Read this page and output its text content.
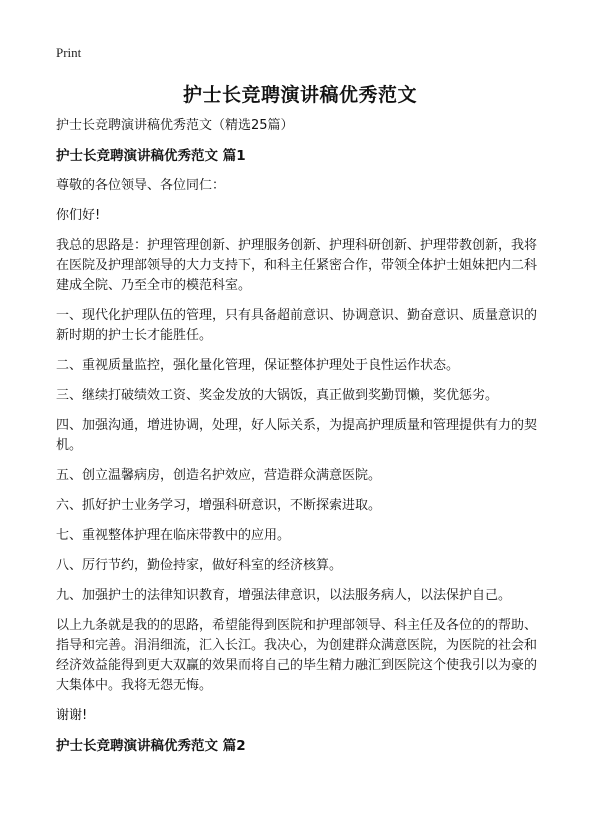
Print
护士长竞聘演讲稿优秀范文

护士长竞聘演讲稿优秀范文（精选25篇）

护士长竞聘演讲稿优秀范文 篇1

尊敬的各位领导、各位同仁：

你们好!

我总的思路是：护理管理创新、护理服务创新、护理科研创新、护理带教创新，我将在医院及护理部领导的大力支持下，和科主任紧密合作，带领全体护士姐妹把内二科建成全院、乃至全市的模范科室。

一、现代化护理队伍的管理，只有具备超前意识、协调意识、勤奋意识、质量意识的新时期的护士长才能胜任。

二、重视质量监控，强化量化管理，保证整体护理处于良性运作状态。

三、继续打破绩效工资、奖金发放的大锅饭，真正做到奖勤罚懒，奖优惩劣。

四、加强沟通，增进协调，处理，好人际关系，为提高护理质量和管理提供有力的契机。

五、创立温馨病房，创造名护效应，营造群众满意医院。

六、抓好护士业务学习，增强科研意识，不断探索进取。

七、重视整体护理在临床带教中的应用。

八、厉行节约，勤俭持家，做好科室的经济核算。

九、加强护士的法律知识教育，增强法律意识，以法服务病人，以法保护自己。

以上九条就是我的的思路，希望能得到医院和护理部领导、科主任及各位的的帮助、指导和完善。涓涓细流，汇入长江。我决心，为创建群众满意医院，为医院的社会和经济效益能得到更大双赢的效果而将自己的毕生精力融汇到医院这个使我引以为豪的大集体中。我将无怨无悔。

谢谢!

护士长竞聘演讲稿优秀范文 篇2
